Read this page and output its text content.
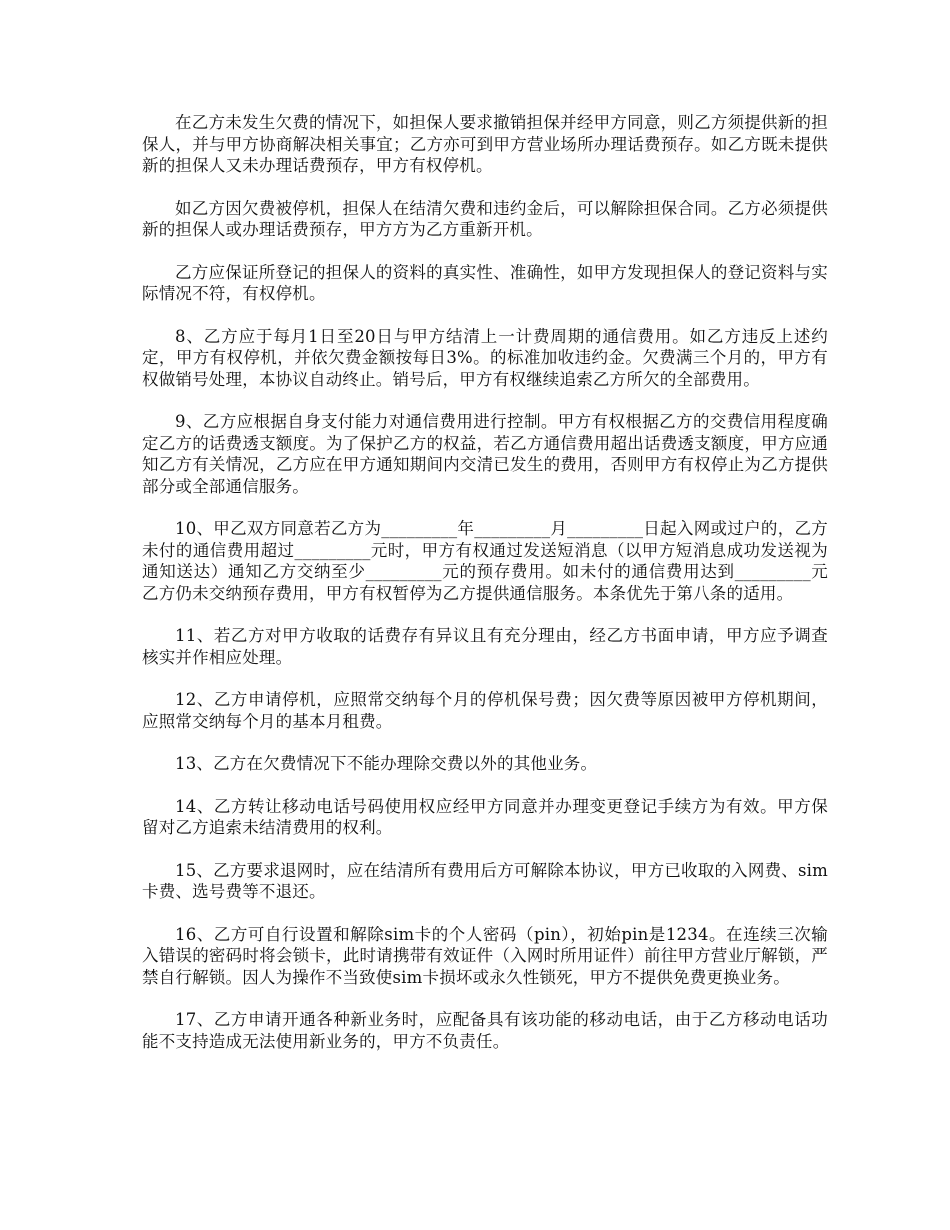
在乙方未发生欠费的情况下，如担保人要求撤销担保并经甲方同意，则乙方须提供新的担保人，并与甲方协商解决相关事宜；乙方亦可到甲方营业场所办理话费预存。如乙方既未提供新的担保人又未办理话费预存，甲方有权停机。

如乙方因欠费被停机，担保人在结清欠费和违约金后，可以解除担保合同。乙方必须提供新的担保人或办理话费预存，甲方方为乙方重新开机。

乙方应保证所登记的担保人的资料的真实性、准确性，如甲方发现担保人的登记资料与实际情况不符，有权停机。

8、乙方应于每月1日至20日与甲方结清上一计费周期的通信费用。如乙方违反上述约定，甲方有权停机，并依欠费金额按每日3%。的标准加收违约金。欠费满三个月的，甲方有权做销号处理，本协议自动终止。销号后，甲方有权继续追索乙方所欠的全部费用。

9、乙方应根据自身支付能力对通信费用进行控制。甲方有权根据乙方的交费信用程度确定乙方的话费透支额度。为了保护乙方的权益，若乙方通信费用超出话费透支额度，甲方应通知乙方有关情况，乙方应在甲方通知期间内交清已发生的费用，否则甲方有权停止为乙方提供部分或全部通信服务。

10、甲乙双方同意若乙方为_________年_________月_________日起入网或过户的，乙方未付的通信费用超过_________元时，甲方有权通过发送短消息（以甲方短消息成功发送视为通知送达）通知乙方交纳至少_________元的预存费用。如未付的通信费用达到_________元乙方仍未交纳预存费用，甲方有权暂停为乙方提供通信服务。本条优先于第八条的适用。

11、若乙方对甲方收取的话费存有异议且有充分理由，经乙方书面申请，甲方应予调查核实并作相应处理。

12、乙方申请停机，应照常交纳每个月的停机保号费；因欠费等原因被甲方停机期间，应照常交纳每个月的基本月租费。

13、乙方在欠费情况下不能办理除交费以外的其他业务。

14、乙方转让移动电话号码使用权应经甲方同意并办理变更登记手续方为有效。甲方保留对乙方追索未结清费用的权利。

15、乙方要求退网时，应在结清所有费用后方可解除本协议，甲方已收取的入网费、sim卡费、选号费等不退还。

16、乙方可自行设置和解除sim卡的个人密码（pin），初始pin是1234。在连续三次输入错误的密码时将会锁卡，此时请携带有效证件（入网时所用证件）前往甲方营业厅解锁，严禁自行解锁。因人为操作不当致使sim卡损坏或永久性锁死，甲方不提供免费更换业务。

17、乙方申请开通各种新业务时，应配备具有该功能的移动电话，由于乙方移动电话功能不支持造成无法使用新业务的，甲方不负责任。
